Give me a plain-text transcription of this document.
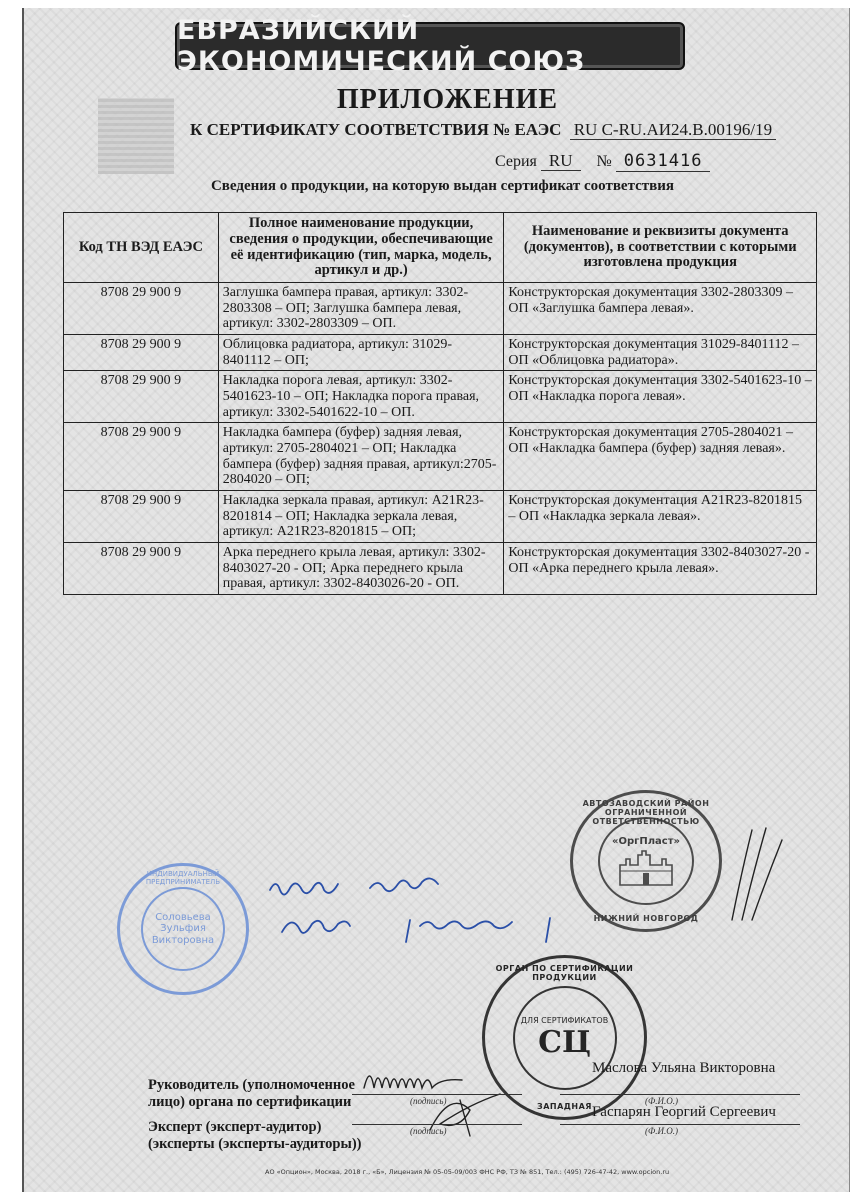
ЕВРАЗИЙСКИЙ ЭКОНОМИЧЕСКИЙ СОЮЗ
ПРИЛОЖЕНИЕ
К СЕРТИФИКАТУ СООТВЕТСТВИЯ № ЕАЭС RU С-RU.АИ24.В.00196/19
Серия RU № 0631416
Сведения о продукции, на которую выдан сертификат соответствия
Код ТН ВЭД ЕАЭС	Полное наименование продукции, сведения о продукции, обеспечивающие её идентификацию (тип, марка, модель, артикул и др.)	Наименование и реквизиты документа (документов), в соответствии с которыми изготовлена продукция
8708 29 900 9	Заглушка бампера правая, артикул: 3302-2803308 – ОП; Заглушка бампера левая, артикул: 3302-2803309 – ОП.	Конструкторская документация 3302-2803309 – ОП «Заглушка бампера левая».
8708 29 900 9	Облицовка радиатора, артикул: 31029-8401112 – ОП;	Конструкторская документация 31029-8401112 – ОП «Облицовка радиатора».
8708 29 900 9	Накладка порога левая, артикул: 3302-5401623-10 – ОП; Накладка порога правая, артикул: 3302-5401622-10 – ОП.	Конструкторская документация 3302-5401623-10 – ОП «Накладка порога левая».
8708 29 900 9	Накладка бампера (буфер) задняя левая, артикул: 2705-2804021 – ОП; Накладка бампера (буфер) задняя правая, артикул:2705-2804020 – ОП;	Конструкторская документация 2705-2804021 – ОП «Накладка бампера (буфер) задняя левая».
8708 29 900 9	Накладка зеркала правая, артикул: A21R23-8201814 – ОП; Накладка зеркала левая, артикул: A21R23-8201815 – ОП;	Конструкторская документация A21R23-8201815 – ОП «Накладка зеркала левая».
8708 29 900 9	Арка переднего крыла левая, артикул: 3302-8403027-20 - ОП; Арка переднего крыла правая, артикул: 3302-8403026-20 - ОП.	Конструкторская документация 3302-8403027-20 - ОП «Арка переднего крыла левая».
ИНДИВИДУАЛЬНЫЙ ПРЕДПРИНИМАТЕЛЬ
Соловьева Зульфия Викторовна
АВТОЗАВОДСКИЙ РАЙОН ОГРАНИЧЕННОЙ ОТВЕТСТВЕННОСТЬЮ
«ОргПласт»
НИЖНИЙ НОВГОРОД
ОРГАН ПО СЕРТИФИКАЦИИ ПРОДУКЦИИ
ДЛЯ СЕРТИФИКАТОВ
СЦ
ЗАПАДНАЯ
Руководитель (уполномоченное
лицо) органа по сертификации	(подпись)
Маслова Ульяна Викторовна
(Ф.И.О.)
Эксперт (эксперт-аудитор)
(эксперты (эксперты-аудиторы))
(подпись)
Гаспарян Георгий Сергеевич
(Ф.И.О.)
АО «Опцион», Москва, 2018 г., «Б», Лицензия № 05-05-09/003 ФНС РФ, ТЗ № 851, Тел.: (495) 726-47-42, www.opcion.ru
